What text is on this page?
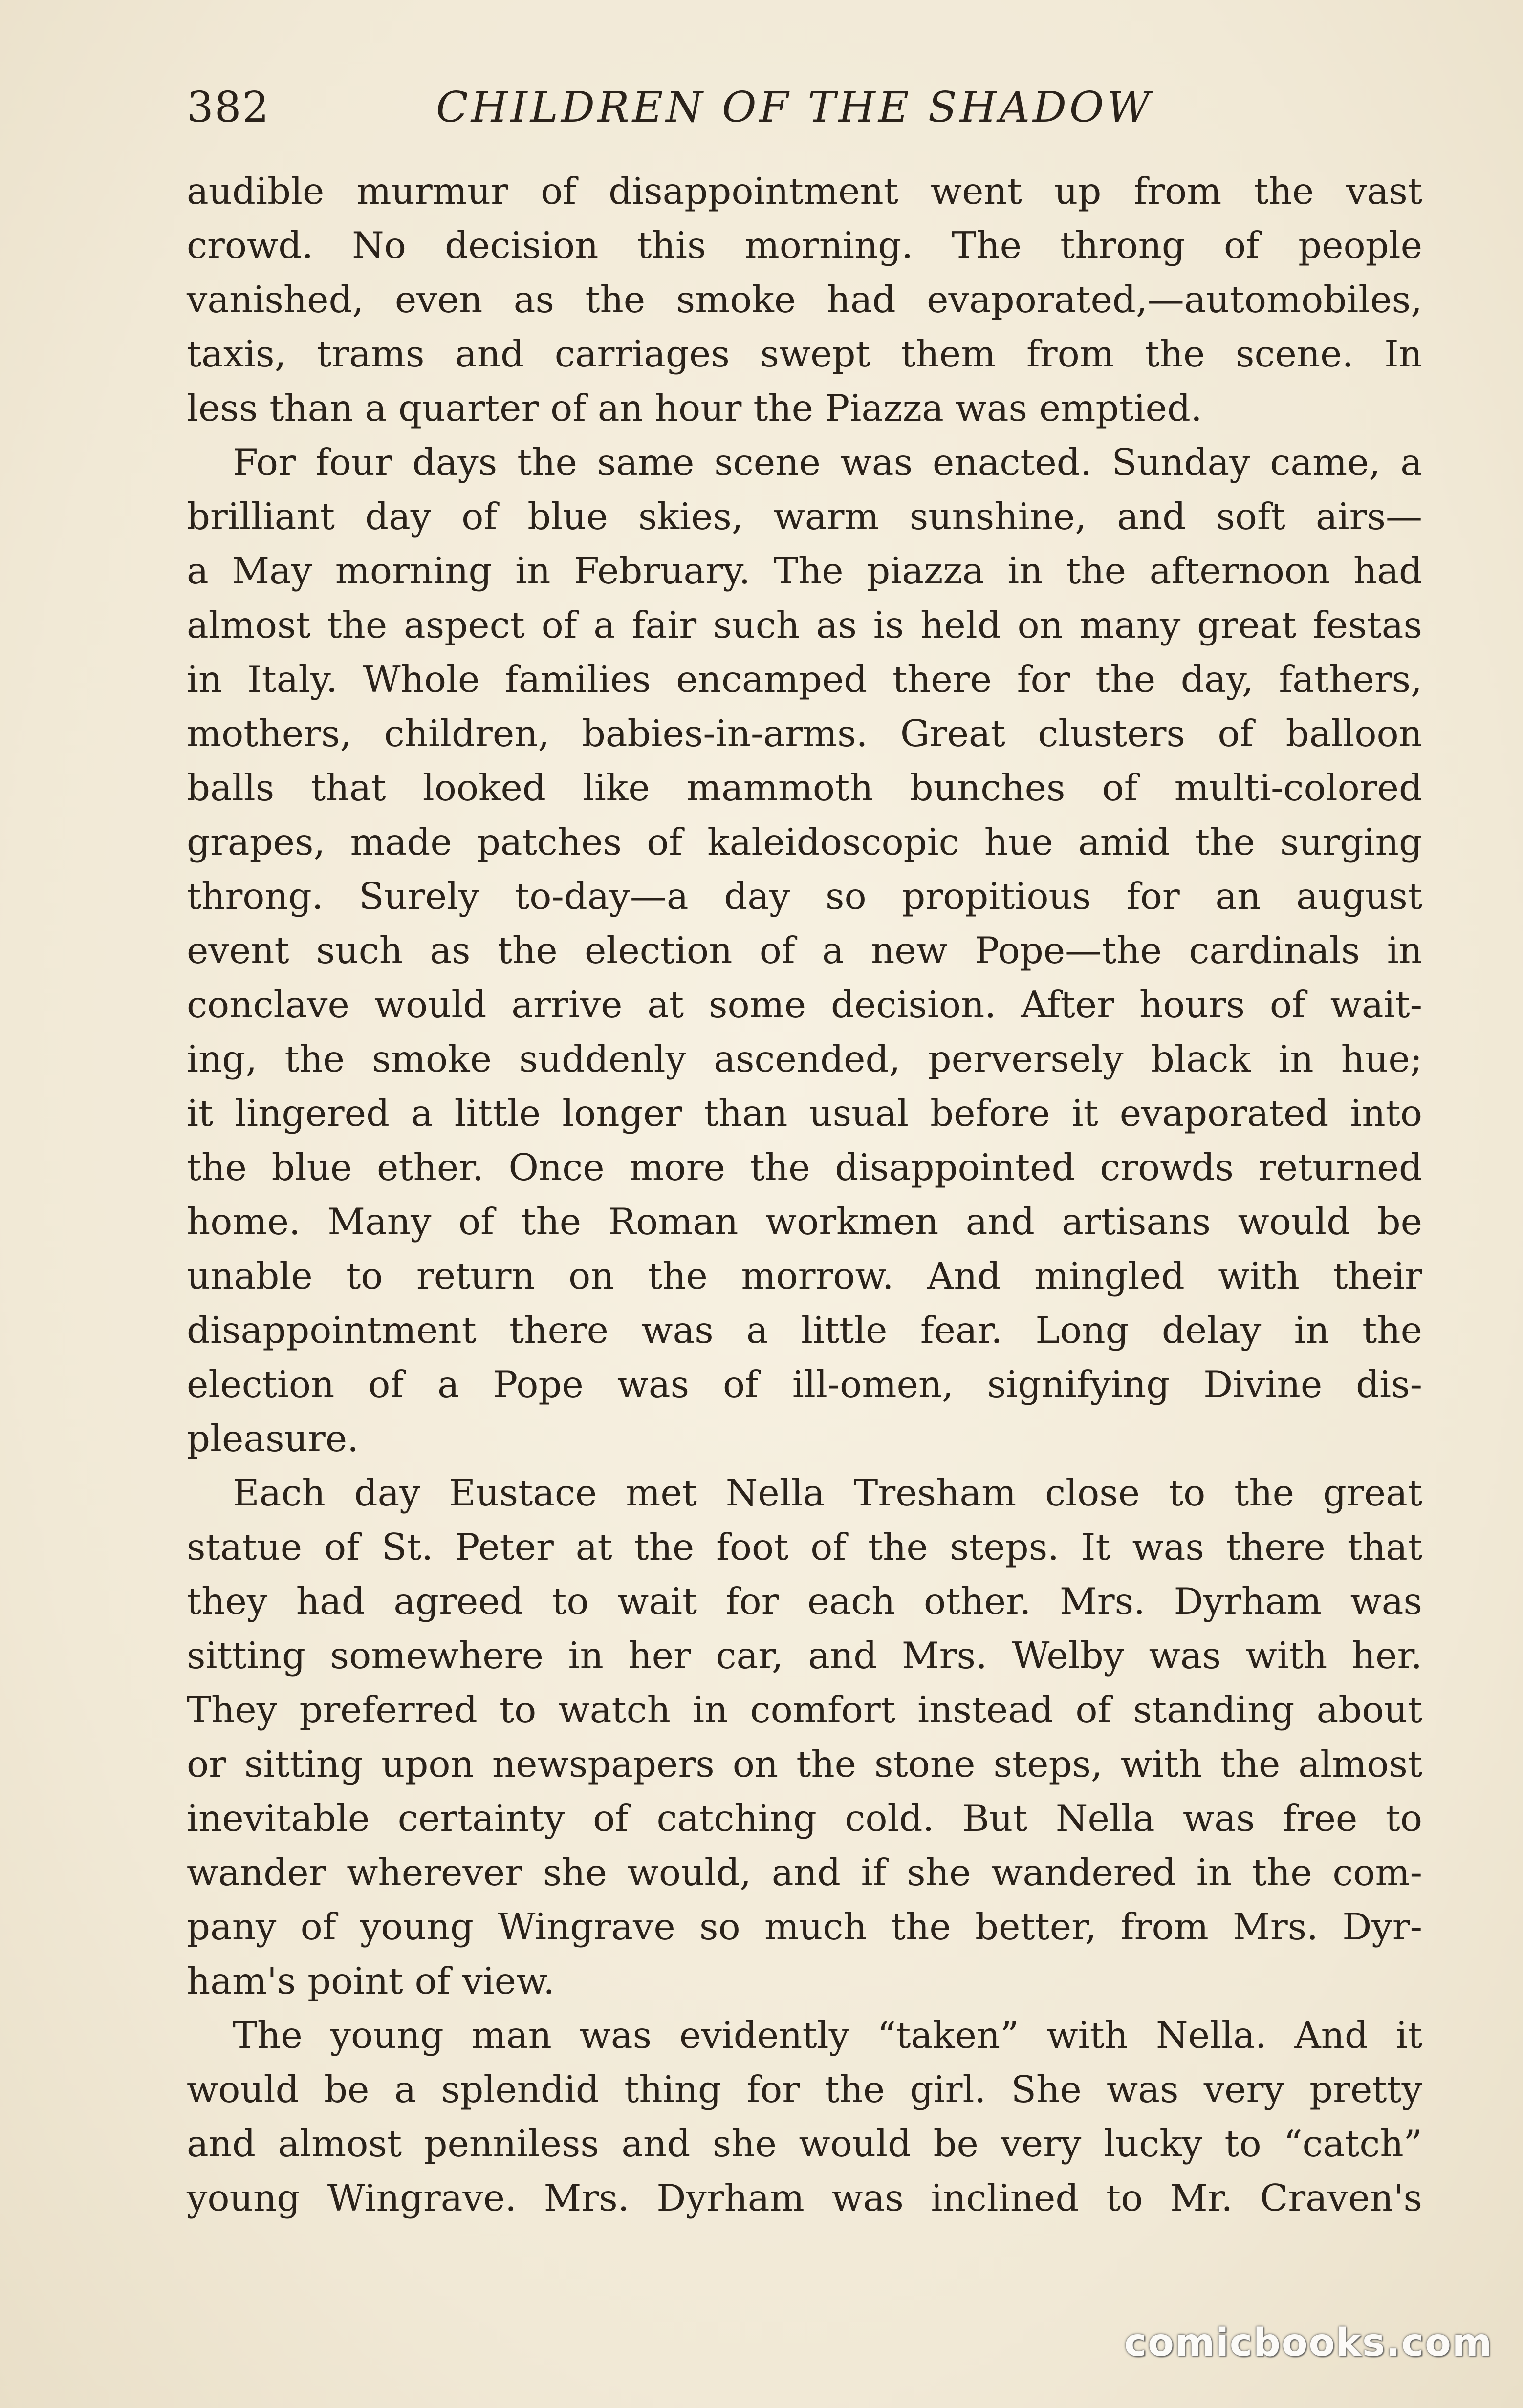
382	CHILDREN OF THE SHADOW
audible murmur of disappointment went up from the vast
crowd. No decision this morning. The throng of people
vanished, even as the smoke had evaporated,—automobiles,
taxis, trams and carriages swept them from the scene. In
less than a quarter of an hour the Piazza was emptied.
For four days the same scene was enacted. Sunday came, a
brilliant day of blue skies, warm sunshine, and soft airs—
a May morning in February. The piazza in the afternoon had
almost the aspect of a fair such as is held on many great festas
in Italy. Whole families encamped there for the day, fathers,
mothers, children, babies-in-arms. Great clusters of balloon
balls that looked like mammoth bunches of multi-colored
grapes, made patches of kaleidoscopic hue amid the surging
throng. Surely to-day—a day so propitious for an august
event such as the election of a new Pope—the cardinals in
conclave would arrive at some decision. After hours of wait-
ing, the smoke suddenly ascended, perversely black in hue;
it lingered a little longer than usual before it evaporated into
the blue ether. Once more the disappointed crowds returned
home. Many of the Roman workmen and artisans would be
unable to return on the morrow. And mingled with their
disappointment there was a little fear. Long delay in the
election of a Pope was of ill-omen, signifying Divine dis-
pleasure.
Each day Eustace met Nella Tresham close to the great
statue of St. Peter at the foot of the steps. It was there that
they had agreed to wait for each other. Mrs. Dyrham was
sitting somewhere in her car, and Mrs. Welby was with her.
They preferred to watch in comfort instead of standing about
or sitting upon newspapers on the stone steps, with the almost
inevitable certainty of catching cold. But Nella was free to
wander wherever she would, and if she wandered in the com-
pany of young Wingrave so much the better, from Mrs. Dyr-
ham's point of view.
The young man was evidently “taken” with Nella. And it
would be a splendid thing for the girl. She was very pretty
and almost penniless and she would be very lucky to “catch”
young Wingrave. Mrs. Dyrham was inclined to Mr. Craven's
comicbooks.com
